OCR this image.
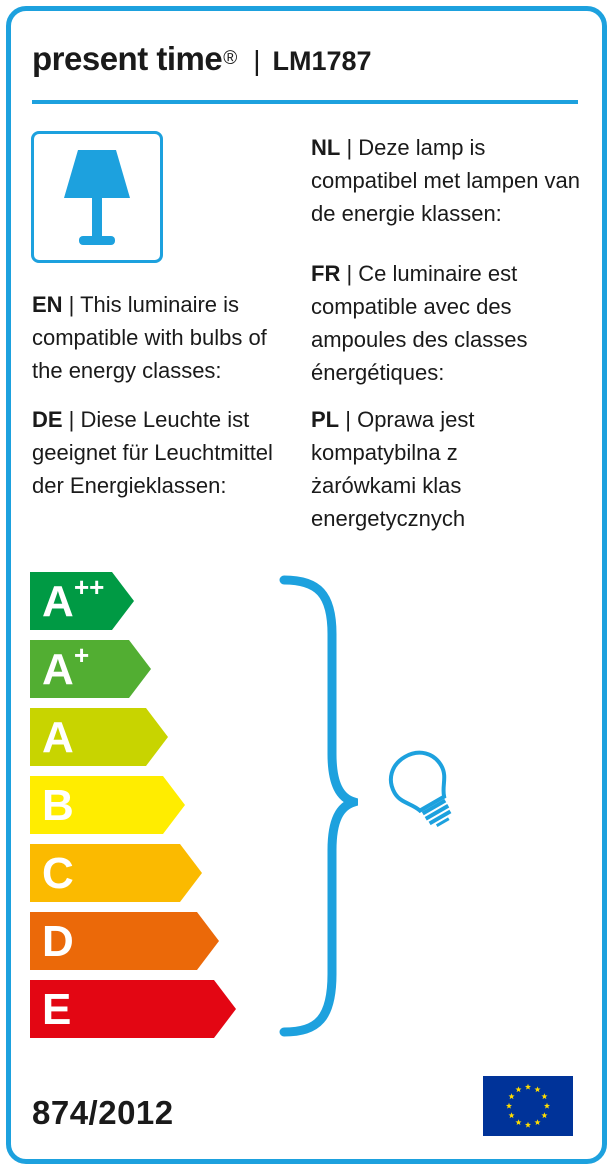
present time ® | LM1787
EN | This luminaire is compatible with bulbs of the energy classes:
DE | Diese Leuchte ist geeignet für Leuchtmittel der Energieklassen:
NL | Deze lamp is compatibel met lampen van de energie klassen:
FR | Ce luminaire est compatible avec des ampoules des classes énergétiques:
PL | Oprawa jest kompatybilna z żarówkami klas energetycznych
A ++
A +
A
B
C
D
E
874/2012
